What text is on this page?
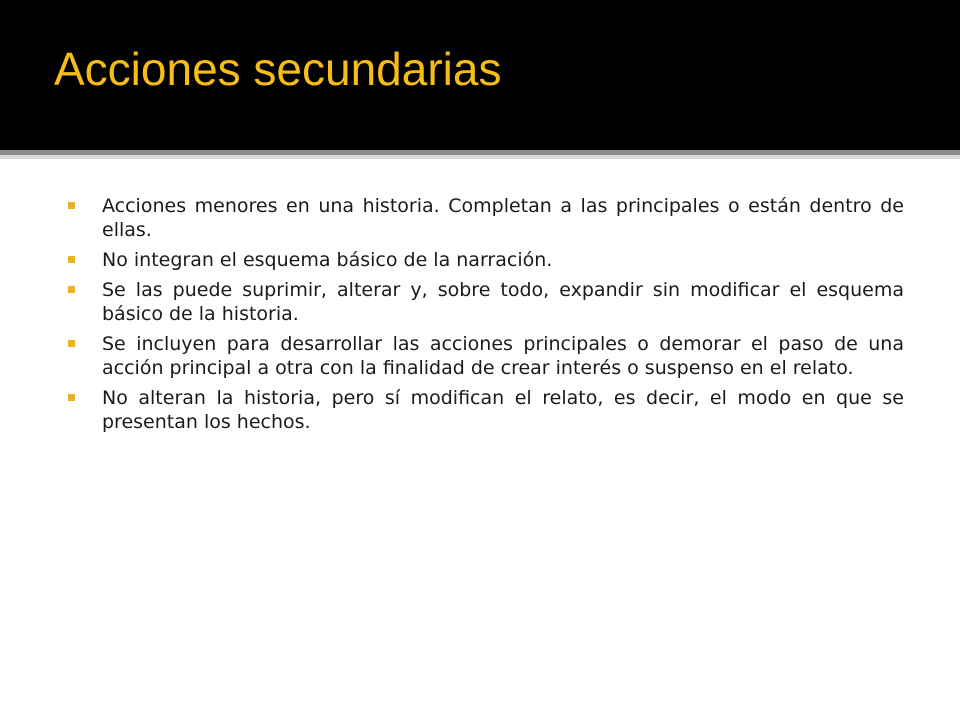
Acciones secundarias
Acciones menores en una historia. Completan a las principales o están dentro de ellas.
No integran el esquema básico de la narración.
Se las puede suprimir, alterar y, sobre todo, expandir sin modificar el esquema básico de la historia.
Se incluyen para desarrollar las acciones principales o demorar el paso de una acción principal a otra con la finalidad de crear interés o suspenso en el relato.
No alteran la historia, pero sí modifican el relato, es decir, el modo en que se presentan los hechos.
